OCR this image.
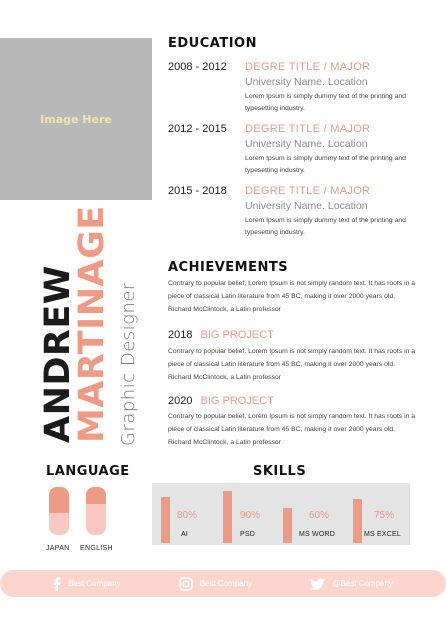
Image Here
ANDREW
MARTINAGE Graphic Designer
EDUCATION
2008 - 2012 DEGRE TITLE / MAJOR
University Name. Location
Lorem Ipsum is simply dummy text of the printing and typesetting industry.
2012 - 2015 DEGRE TITLE / MAJOR
University Name. Location
Lorem Ipsum is simply dummy text of the printing and typesetting industry.
2015 - 2018 DEGRE TITLE / MAJOR
University Name. Location
Lorem Ipsum is simply dummy text of the printing and typesetting industry.
ACHIEVEMENTS
Contrary to popular belief, Lorem Ipsum is not simply random text. It has roots in a piece of classical Latin literature from 45 BC, making it over 2000 years old. Richard McClintock, a Latin professor
2018 BIG PROJECT
Contrary to popular belief, Lorem Ipsum is not simply random text. It has roots in a piece of classical Latin literature from 45 BC, making it over 2000 years old. Richard McClintock, a Latin professor
2020 BIG PROJECT
Contrary to popular belief, Lorem Ipsum is not simply random text. It has roots in a piece of classical Latin literature from 45 BC, making it over 2000 years old. Richard McClintock, a Latin professor
LANGUAGE
JAPAN ENGLISH
SKILLS
80%
AI
90%
PSD
60%
MS WORD
75%
MS EXCEL
Best Company	Best Company	@Best Company
